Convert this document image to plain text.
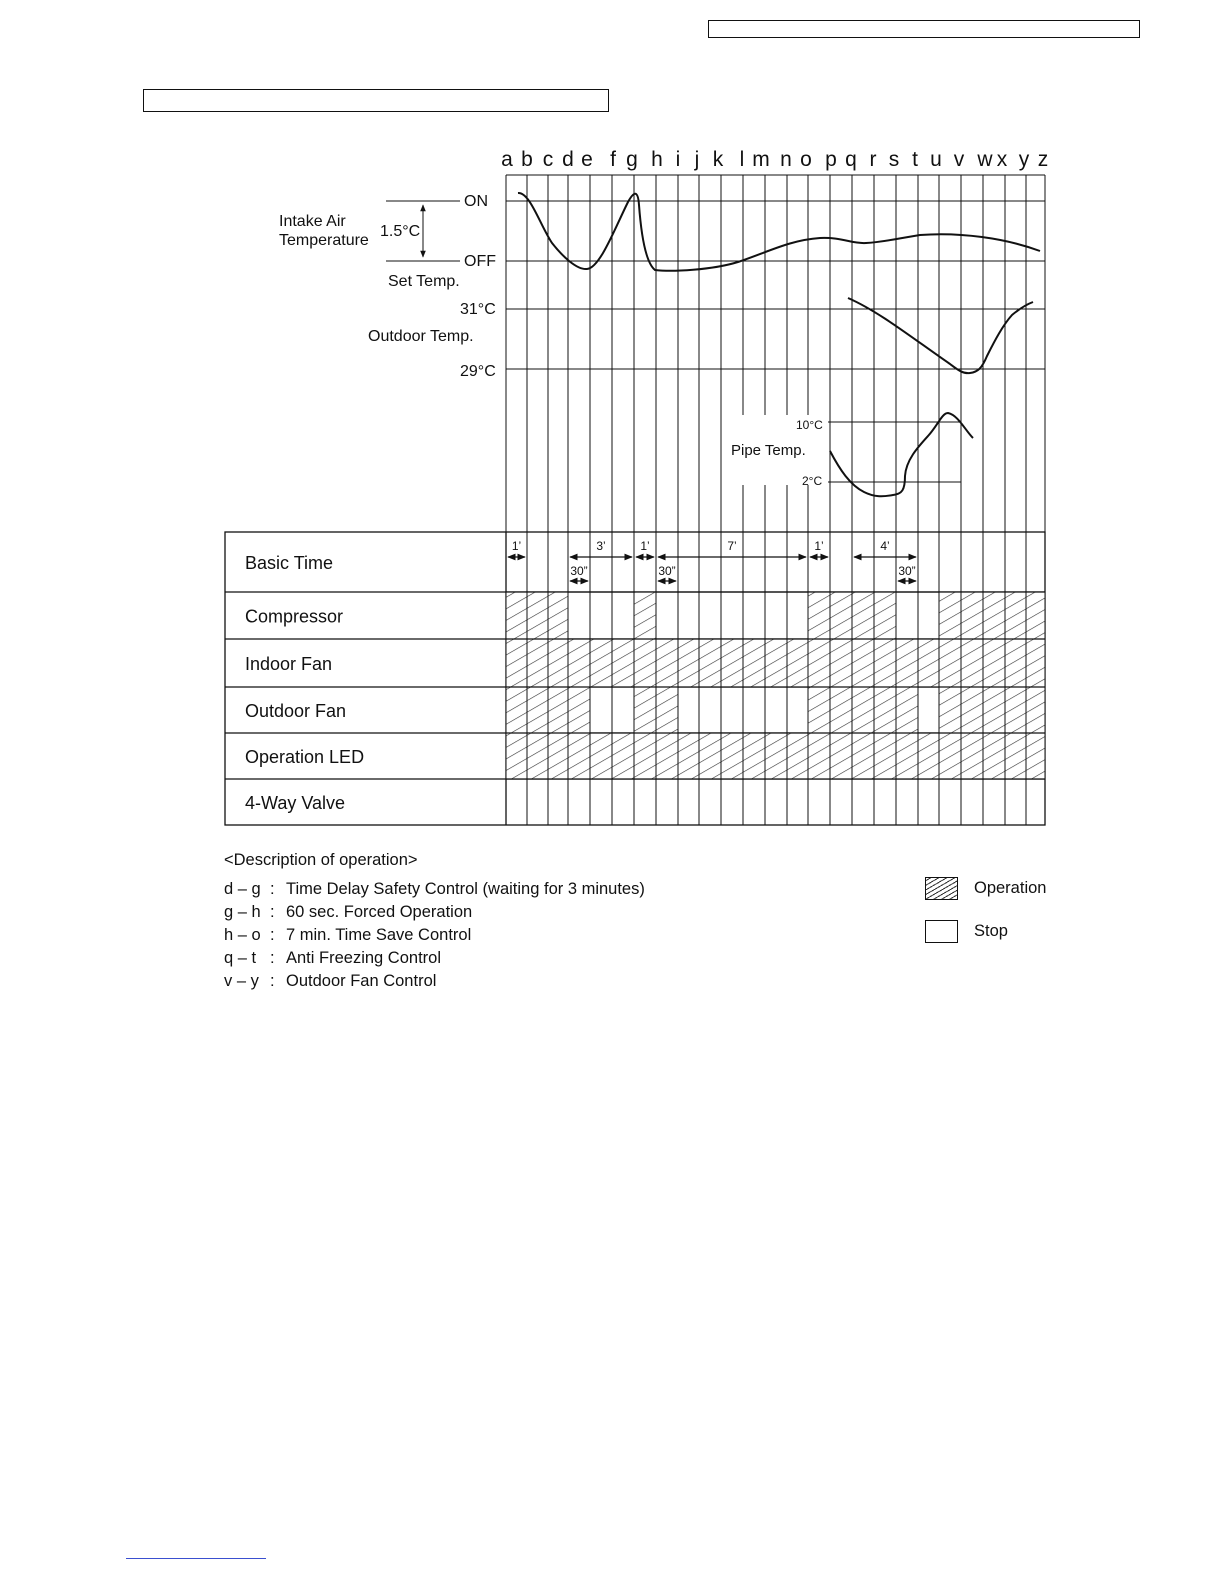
a b c d e f g h i j k l m n o p q r s t u v w x y z
Intake Air
Temperature
1.5°C
ON
OFF
Set Temp.
31°C
Outdoor Temp.
29°C
10°C
Pipe Temp.
2°C
Basic Time
Compressor
Indoor Fan
Outdoor Fan
Operation LED
4-Way Valve
1’	3’	1’	7’	1’	4’
30”	30”	30”
<Description of operation>
d – g : Time Delay Safety Control (waiting for 3 minutes)
g – h : 60 sec. Forced Operation
h – o : 7 min. Time Save Control
q – t : Anti Freezing Control
v – y : Outdoor Fan Control
Operation
Stop
